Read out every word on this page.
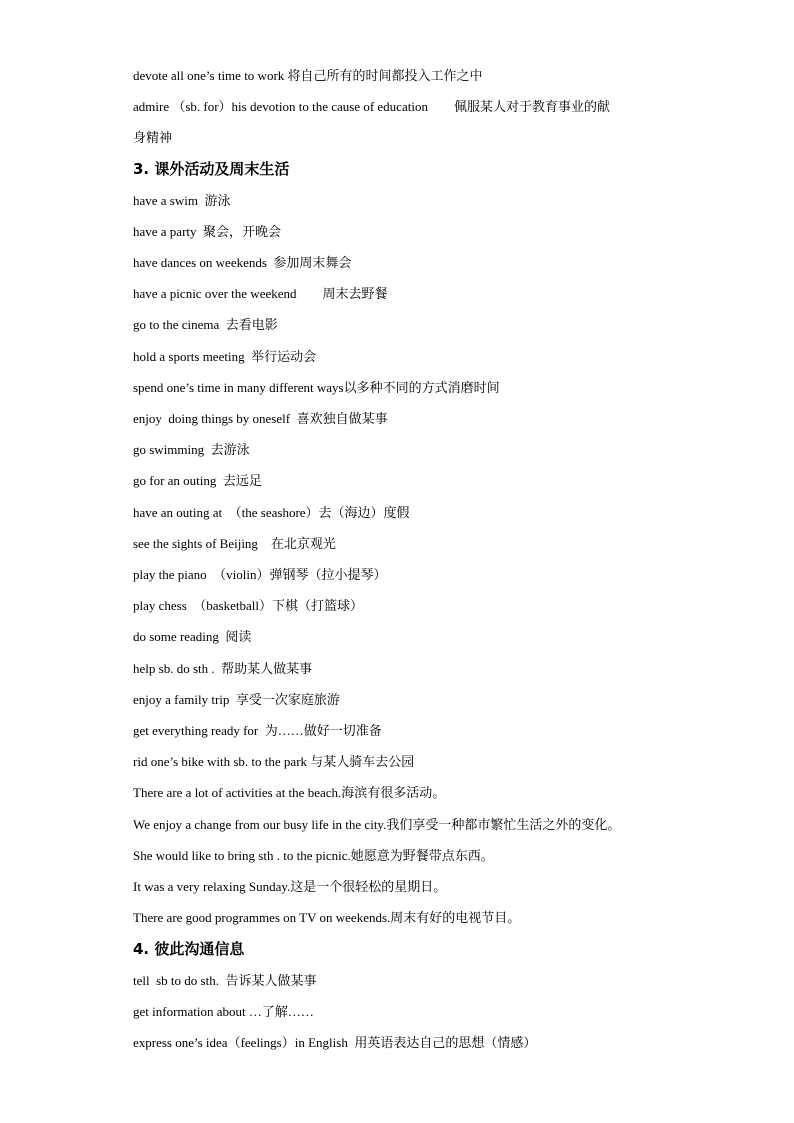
devote all one’s time to work 将自己所有的时间都投入工作之中
admire （sb. for）his devotion to the cause of education        佩服某人对于教育事业的献
身精神
3. 课外活动及周末生活
have a swim  游泳
have a party  聚会，开晚会
have dances on weekends  参加周末舞会
have a picnic over the weekend        周末去野餐
go to the cinema  去看电影
hold a sports meeting  举行运动会
spend one’s time in many different ways以多种不同的方式消磨时间
enjoy  doing things by oneself  喜欢独自做某事
go swimming  去游泳
go for an outing  去远足
have an outing at  （the seashore）去（海边）度假
see the sights of Beijing    在北京观光
play the piano  （violin）弹钢琴（拉小提琴）
play chess  （basketball）下棋（打篮球）
do some reading  阅读
help sb. do sth .  帮助某人做某事
enjoy a family trip  享受一次家庭旅游
get everything ready for  为……做好一切准备
rid one’s bike with sb. to the park 与某人骑车去公园
There are a lot of activities at the beach.海滨有很多活动。
We enjoy a change from our busy life in the city.我们享受一种都市繁忙生活之外的变化。
She would like to bring sth . to the picnic.她愿意为野餐带点东西。
It was a very relaxing Sunday.这是一个很轻松的星期日。
There are good programmes on TV on weekends.周末有好的电视节目。
4. 彼此沟通信息
tell  sb to do sth.  告诉某人做某事
get information about …了解……
express one’s idea（feelings）in English  用英语表达自己的思想（情感）
